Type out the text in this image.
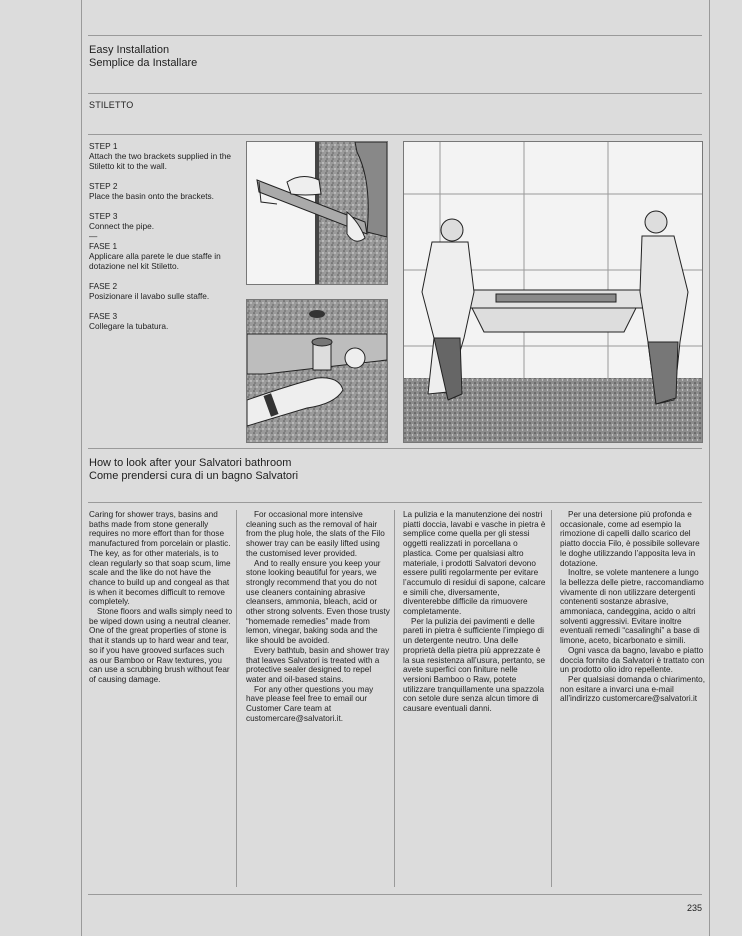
Easy Installation
Semplice da Installare
STILETTO

STEP 1
Attach the two brackets supplied in the Stiletto kit to the wall.

STEP 2
Place the basin onto the brackets.

STEP 3
Connect the pipe.

—
FASE 1
Applicare alla parete le due staffe in dotazione nel kit Stiletto.

FASE 2
Posizionare il lavabo sulle staffe.

FASE 3
Collegare la tubatura.

How to look after your Salvatori bathroom
Come prendersi cura di un bagno Salvatori

Caring for shower trays, basins and baths made from stone generally requires no more effort than for those manufactured from porcelain or plastic. The key, as for other materials, is to clean regularly so that soap scum, lime scale and the like do not have the chance to build up and congeal as that is when it becomes difficult to remove completely.

Stone floors and walls simply need to be wiped down using a neutral cleaner. One of the great properties of stone is that it stands up to hard wear and tear, so if you have grooved surfaces such as our Bamboo or Raw textures, you can use a scrubbing brush without fear of causing damage.

For occasional more intensive cleaning such as the removal of hair from the plug hole, the slats of the Filo shower tray can be easily lifted using the customised lever provided.

And to really ensure you keep your stone looking beautiful for years, we strongly recommend that you do not use cleaners containing abrasive cleansers, ammonia, bleach, acid or other strong solvents. Even those trusty “homemade remedies” made from lemon, vinegar, baking soda and the like should be avoided.

Every bathtub, basin and shower tray that leaves Salvatori is treated with a protective sealer designed to repel water and oil-based stains.

For any other questions you may have please feel free to email our Customer Care team at customercare@salvatori.it.

La pulizia e la manutenzione dei nostri piatti doccia, lavabi e vasche in pietra è semplice come quella per gli stessi oggetti realizzati in porcellana o plastica. Come per qualsiasi altro materiale, i prodotti Salvatori devono essere puliti regolarmente per evitare l’accumulo di residui di sapone, calcare e simili che, diversamente, diventerebbe difficile da rimuovere completamente.

Per la pulizia dei pavimenti e delle pareti in pietra è sufficiente l’impiego di un detergente neutro. Una delle proprietà della pietra più apprezzate è la sua resistenza all’usura, pertanto, se avete superfici con finiture nelle versioni Bamboo o Raw, potete utilizzare tranquillamente una spazzola con setole dure senza alcun timore di causare eventuali danni.

Per una detersione più profonda e occasionale, come ad esempio la rimozione di capelli dallo scarico del piatto doccia Filo, è possibile sollevare le doghe utilizzando l’apposita leva in dotazione.

Inoltre, se volete mantenere a lungo la bellezza delle pietre, raccomandiamo vivamente di non utilizzare detergenti contenenti sostanze abrasive, ammoniaca, candeggina, acido o altri solventi aggressivi. Evitare inoltre eventuali remedi “casalinghi” a base di limone, aceto, bicarbonato e simili.

Ogni vasca da bagno, lavabo e piatto doccia fornito da Salvatori è trattato con un prodotto olio idro repellente.

Per qualsiasi domanda o chiarimento, non esitare a invarci una e-mail all’indirizzo customercare@salvatori.it

235
